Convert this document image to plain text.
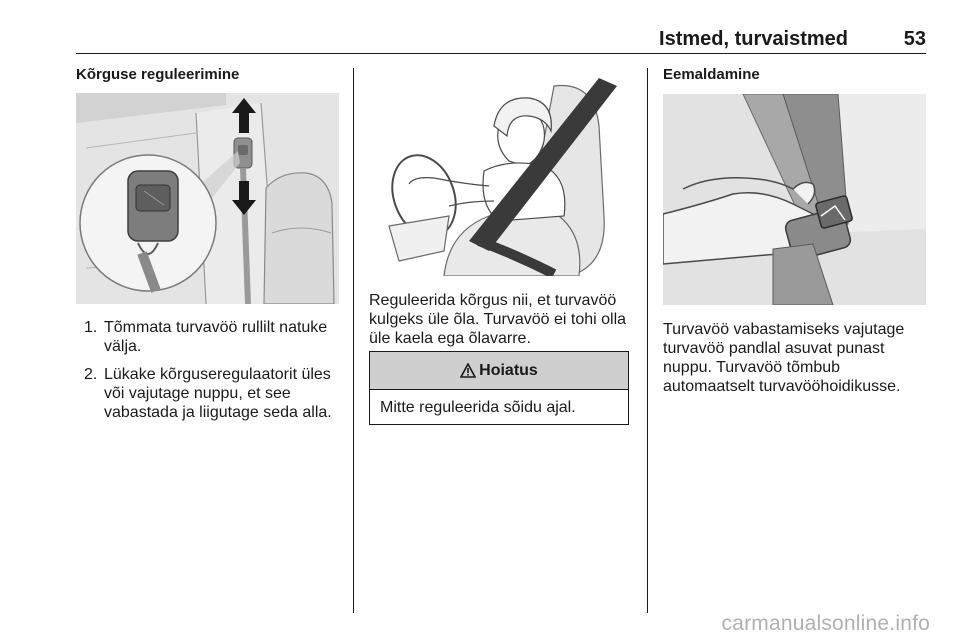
Istmed, turvaistmed	53
Kõrguse reguleerimine
1. Tõmmata turvavöö rullilt natuke välja.
2. Lükake kõrguseregulaatorit üles või vajutage nuppu, et see vabastada ja liigutage seda alla.

Reguleerida kõrgus nii, et turvavöö kulgeks üle õla. Turvavöö ei tohi olla üle kaela ega õlavarre.

Hoiatus
Mitte reguleerida sõidu ajal.
Eemaldamine

Turvavöö vabastamiseks vajutage turvavöö pandlal asuvat punast nuppu. Turvavöö tõmbub automaatselt turvavööhoidikusse.

carmanualsonline.info
